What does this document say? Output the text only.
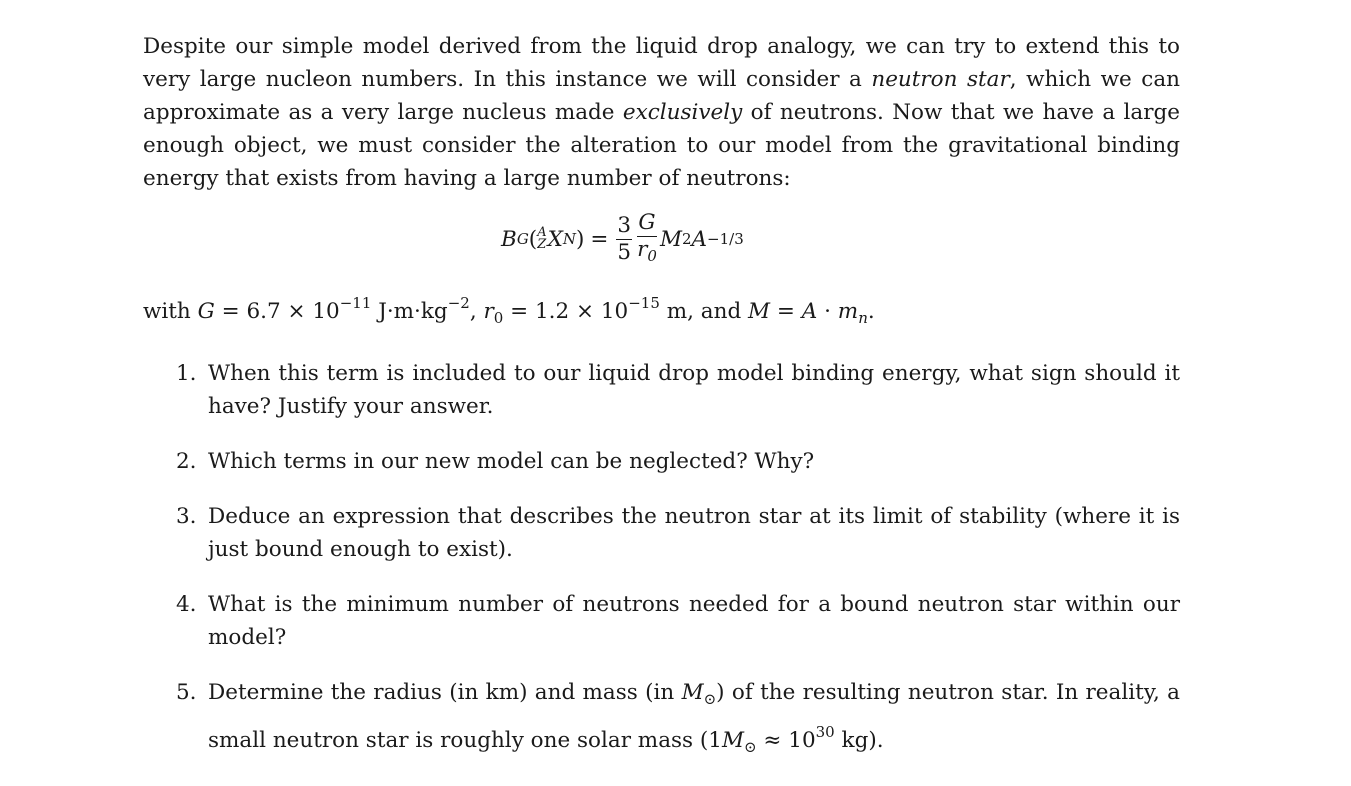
Despite our simple model derived from the liquid drop analogy, we can try to extend this to very large nucleon numbers. In this instance we will consider a neutron star, which we can approximate as a very large nucleus made exclusively of neutrons. Now that we have a large enough object, we must consider the alteration to our model from the gravitational binding energy that exists from having a large number of neutrons:

B G ( A
Z X N ) = $\frac{3}{5} \frac{G}{r_0}$ M 2 A −1/3

with $G = 6.7 \times 10^{-11}$ $J\cdot m\cdot kg^{-2}$, $r_0 = 1.2 \times 10^{-15}$ m, and $M = A \cdot m_n$.

1. When this term is included to our liquid drop model binding energy, what sign should it have? Justify your answer.
2. Which terms in our new model can be neglected? Why?
3. Deduce an expression that describes the neutron star at its limit of stability (where it is just bound enough to exist).
4. What is the minimum number of neutrons needed for a bound neutron star within our model?
5. Determine the radius (in km) and mass (in $M_⊙$) of the resulting neutron star. In reality, a small neutron star is roughly one solar mass ($1M_⊙ \approx 10^{30}$ kg).
